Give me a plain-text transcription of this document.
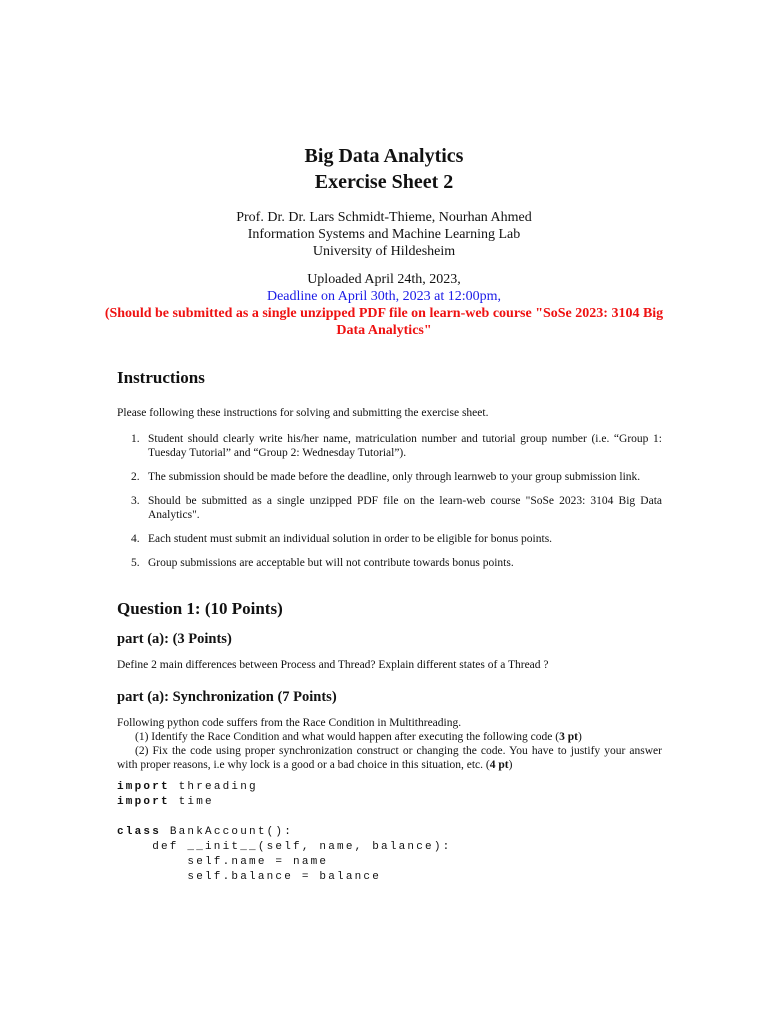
Big Data Analytics
Exercise Sheet 2
Prof. Dr. Dr. Lars Schmidt-Thieme, Nourhan Ahmed
Information Systems and Machine Learning Lab
University of Hildesheim
Uploaded April 24th, 2023,
Deadline on April 30th, 2023 at 12:00pm,
(Should be submitted as a single unzipped PDF file on learn-web course "SoSe 2023: 3104 Big Data Analytics"
Instructions

Please following these instructions for solving and submitting the exercise sheet.

1. Student should clearly write his/her name, matriculation number and tutorial group number (i.e. “Group 1: Tuesday Tutorial” and “Group 2: Wednesday Tutorial”).
2. The submission should be made before the deadline, only through learnweb to your group submission link.
3. Should be submitted as a single unzipped PDF file on the learn-web course "SoSe 2023: 3104 Big Data Analytics".
4. Each student must submit an individual solution in order to be eligible for bonus points.
5. Group submissions are acceptable but will not contribute towards bonus points.
Question 1: (10 Points)
part (a): (3 Points)

Define 2 main differences between Process and Thread? Explain different states of a Thread ?

part (a): Synchronization (7 Points)

Following python code suffers from the Race Condition in Multithreading.

(1) Identify the Race Condition and what would happen after executing the following code (3 pt)

(2) Fix the code using proper synchronization construct or changing the code. You have to justify your answer with proper reasons, i.e why lock is a good or a bad choice in this situation, etc. (4 pt)

import threading
import time

class BankAccount():
def __init__(self, name, balance):
self.name = name
self.balance = balance
